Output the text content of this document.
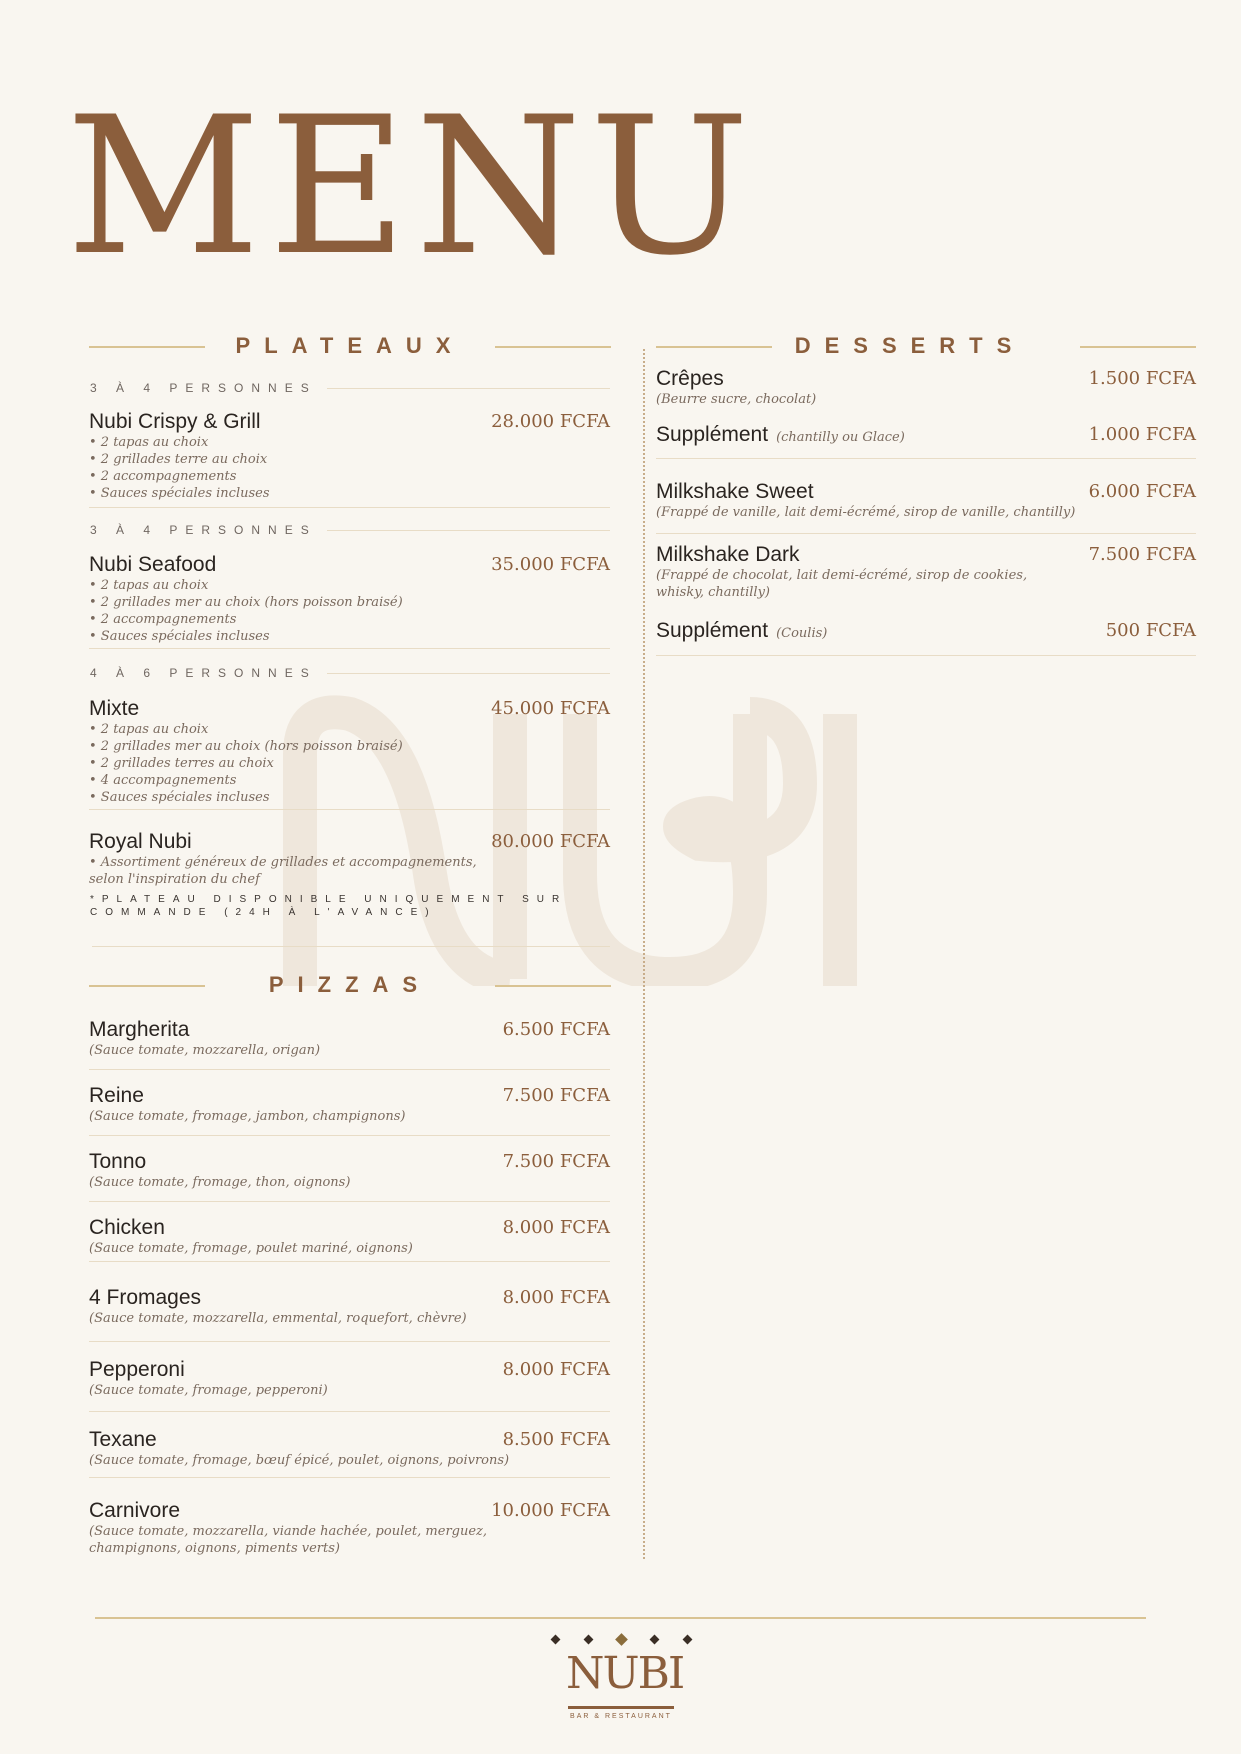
MENU
PLATEAUX	DESSERTS
PIZZAS
*PLATEAU DISPONIBLE UNIQUEMENT SUR COMMANDE (24H À L'AVANCE)
Nubi Crispy & Grill	28.000 FCFA
• 2 tapas au choix
• 2 grillades terre au choix
• 2 accompagnements
• Sauces spéciales incluses
3 À 4 PERSONNES
Nubi Seafood	35.000 FCFA
• 2 tapas au choix
• 2 grillades mer au choix (hors poisson braisé)
• 2 accompagnements
• Sauces spéciales incluses
3 À 4 PERSONNES
Mixte	45.000 FCFA
• 2 tapas au choix
• 2 grillades mer au choix (hors poisson braisé)
• 2 grillades terres au choix
• 4 accompagnements
• Sauces spéciales incluses
4 À 6 PERSONNES
Royal Nubi	80.000 FCFA
• Assortiment généreux de grillades et accompagnements,
selon l'inspiration du chef
Margherita	6.500 FCFA
(Sauce tomate, mozzarella, origan)
Reine	7.500 FCFA
(Sauce tomate, fromage, jambon, champignons)
Tonno	7.500 FCFA
(Sauce tomate, fromage, thon, oignons)
Chicken	8.000 FCFA
(Sauce tomate, fromage, poulet mariné, oignons)
4 Fromages	8.000 FCFA
(Sauce tomate, mozzarella, emmental, roquefort, chèvre)
Pepperoni	8.000 FCFA
(Sauce tomate, fromage, pepperoni)
Texane	8.500 FCFA
(Sauce tomate, fromage, bœuf épicé, poulet, oignons, poivrons)
Carnivore	10.000 FCFA
(Sauce tomate, mozzarella, viande hachée, poulet, merguez,
champignons, oignons, piments verts)
Crêpes	1.500 FCFA
(Beurre sucre, chocolat)
Supplément (chantilly ou Glace)	1.000 FCFA
Milkshake Sweet	6.000 FCFA
(Frappé de vanille, lait demi-écrémé, sirop de vanille, chantilly)
Milkshake Dark	7.500 FCFA
(Frappé de chocolat, lait demi-écrémé, sirop de cookies,
whisky, chantilly)
Supplément (Coulis)	500 FCFA
NUBI
BAR & RESTAURANT
